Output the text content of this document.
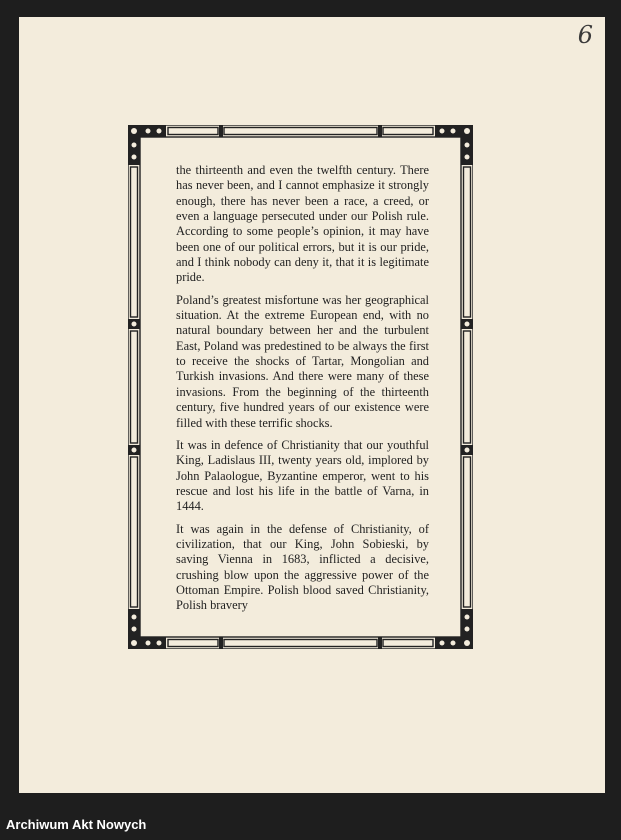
6

the thirteenth and even the twelfth century. There has never been, and I cannot emphasize it strongly enough, there has never been a race, a creed, or even a language persecuted under our Polish rule. According to some people’s opinion, it may have been one of our political errors, but it is our pride, and I think nobody can deny it, that it is legitimate pride.

Poland’s greatest misfortune was her geographical situation. At the extreme European end, with no natural boundary between her and the turbulent East, Poland was predestined to be always the first to receive the shocks of Tartar, Mongolian and Turkish invasions. And there were many of these invasions. From the beginning of the thirteenth century, five hundred years of our existence were filled with these terrific shocks.

It was in defence of Christianity that our youthful King, Ladislaus III, twenty years old, implored by John Palaologue, Byzantine emperor, went to his rescue and lost his life in the battle of Varna, in 1444.

It was again in the defense of Christianity, of civilization, that our King, John Sobieski, by saving Vienna in 1683, inflicted a decisive, crushing blow upon the aggressive power of the Ottoman Empire. Polish blood saved Christianity, Polish bravery

Archiwum Akt Nowych
